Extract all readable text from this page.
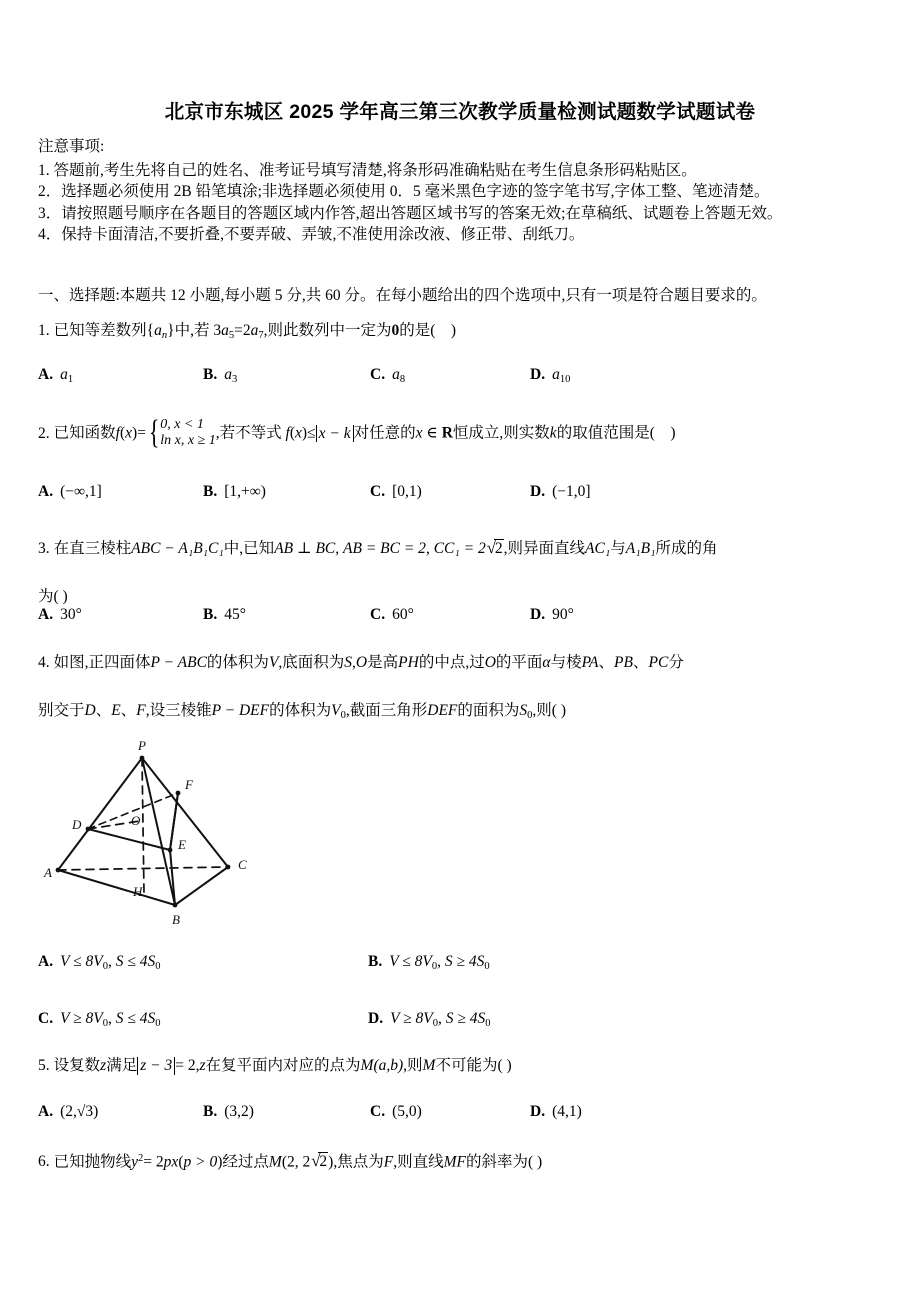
北京市东城区 2025 学年高三第三次教学质量检测试题数学试题试卷
注意事项:
1. 答题前,考生先将自己的姓名、准考证号填写清楚,将条形码准确粘贴在考生信息条形码粘贴区。
2．选择题必须使用 2B 铅笔填涂;非选择题必须使用 0．5 毫米黑色字迹的签字笔书写,字体工整、笔迹清楚。
3．请按照题号顺序在各题目的答题区域内作答,超出答题区域书写的答案无效;在草稿纸、试题卷上答题无效。
4．保持卡面清洁,不要折叠,不要弄破、弄皱,不准使用涂改液、修正带、刮纸刀。
一、选择题:本题共 12 小题,每小题 5 分,共 60 分。在每小题给出的四个选项中,只有一项是符合题目要求的。
1. 已知等差数列$\{a_n\}$中,若 $3a_5=2a_7$,则此数列中一定为0的是( )
A. $a_1$	B. $a_3$	C. $a_8$	D. $a_{10}$
2. 已知函数f(x)= { 0, x < 1
ln x, x ≥ 1 ,若不等式 f(x)≤ x − k 对任意的x ∈ R恒成立,则实数k的取值范围是( )
A. (−∞,1]	B. [1,+∞)	C. [0,1)	D. (−1,0]
3. 在直三棱柱ABC − A₁B₁C₁中,已知AB ⊥ BC, AB = BC = 2, CC₁ = 2√2,则异面直线AC₁与A₁B₁所成的角
为( )
A. 30°	B. 45°	C. 60°	D. 90°
4. 如图,正四面体P − ABC的体积为V,底面积为S,O是高PH的中点,过O的平面α与棱PA、PB、PC分
别交于D、E、F,设三棱锥P − DEF的体积为$V_0$,截面三角形DEF的面积为$S_0$,则( )
P
A
B
C
D
E
F
O
H
A. $V \le 8V_0$, $S \le 4S_0$	B. $V \le 8V_0$, $S \ge 4S_0$
C. $V \ge 8V_0$, $S \le 4S_0$	D. $V \ge 8V_0$, $S \ge 4S_0$
5. 设复数z满足 z − 3 = 2,z在复平面内对应的点为M(a,b),则M不可能为( )
A. (2,√3)	B. (3,2)	C. (5,0)	D. (4,1)
6. 已知抛物线$y^2= 2px(p > 0)$经过点M(2, 2√2),焦点为F,则直线MF的斜率为( )
